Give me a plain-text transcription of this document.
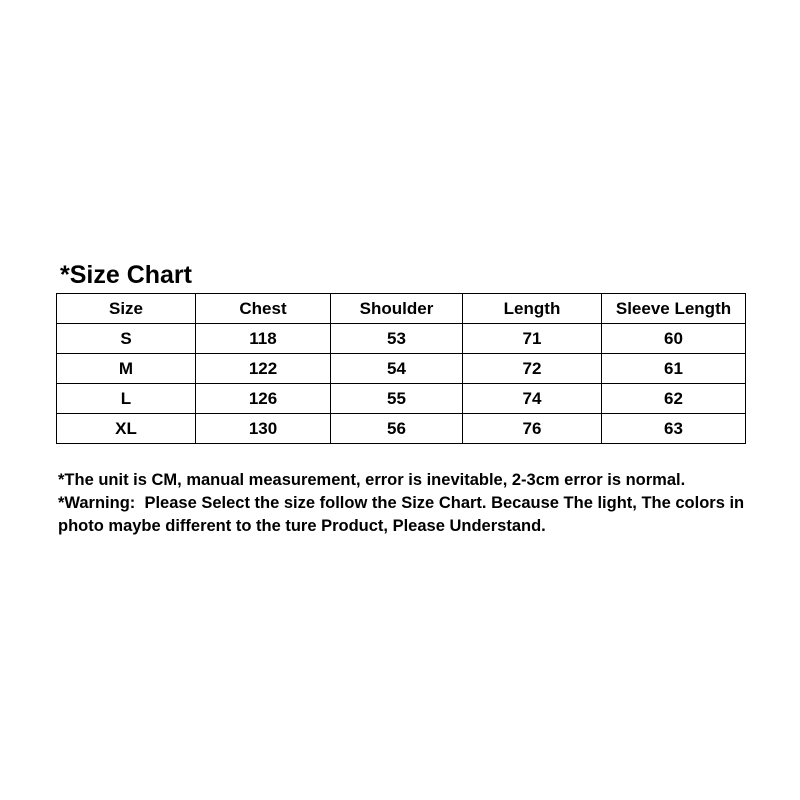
*Size Chart
Size	Chest	Shoulder	Length	Sleeve Length
S	118	53	71	60
M	122	54	72	61
L	126	55	74	62
XL	130	56	76	63

*The unit is CM, manual measurement, error is inevitable, 2-3cm error is normal.

*Warning:  Please Select the size follow the Size Chart. Because The light, The colors in photo maybe different to the ture Product, Please Understand.
